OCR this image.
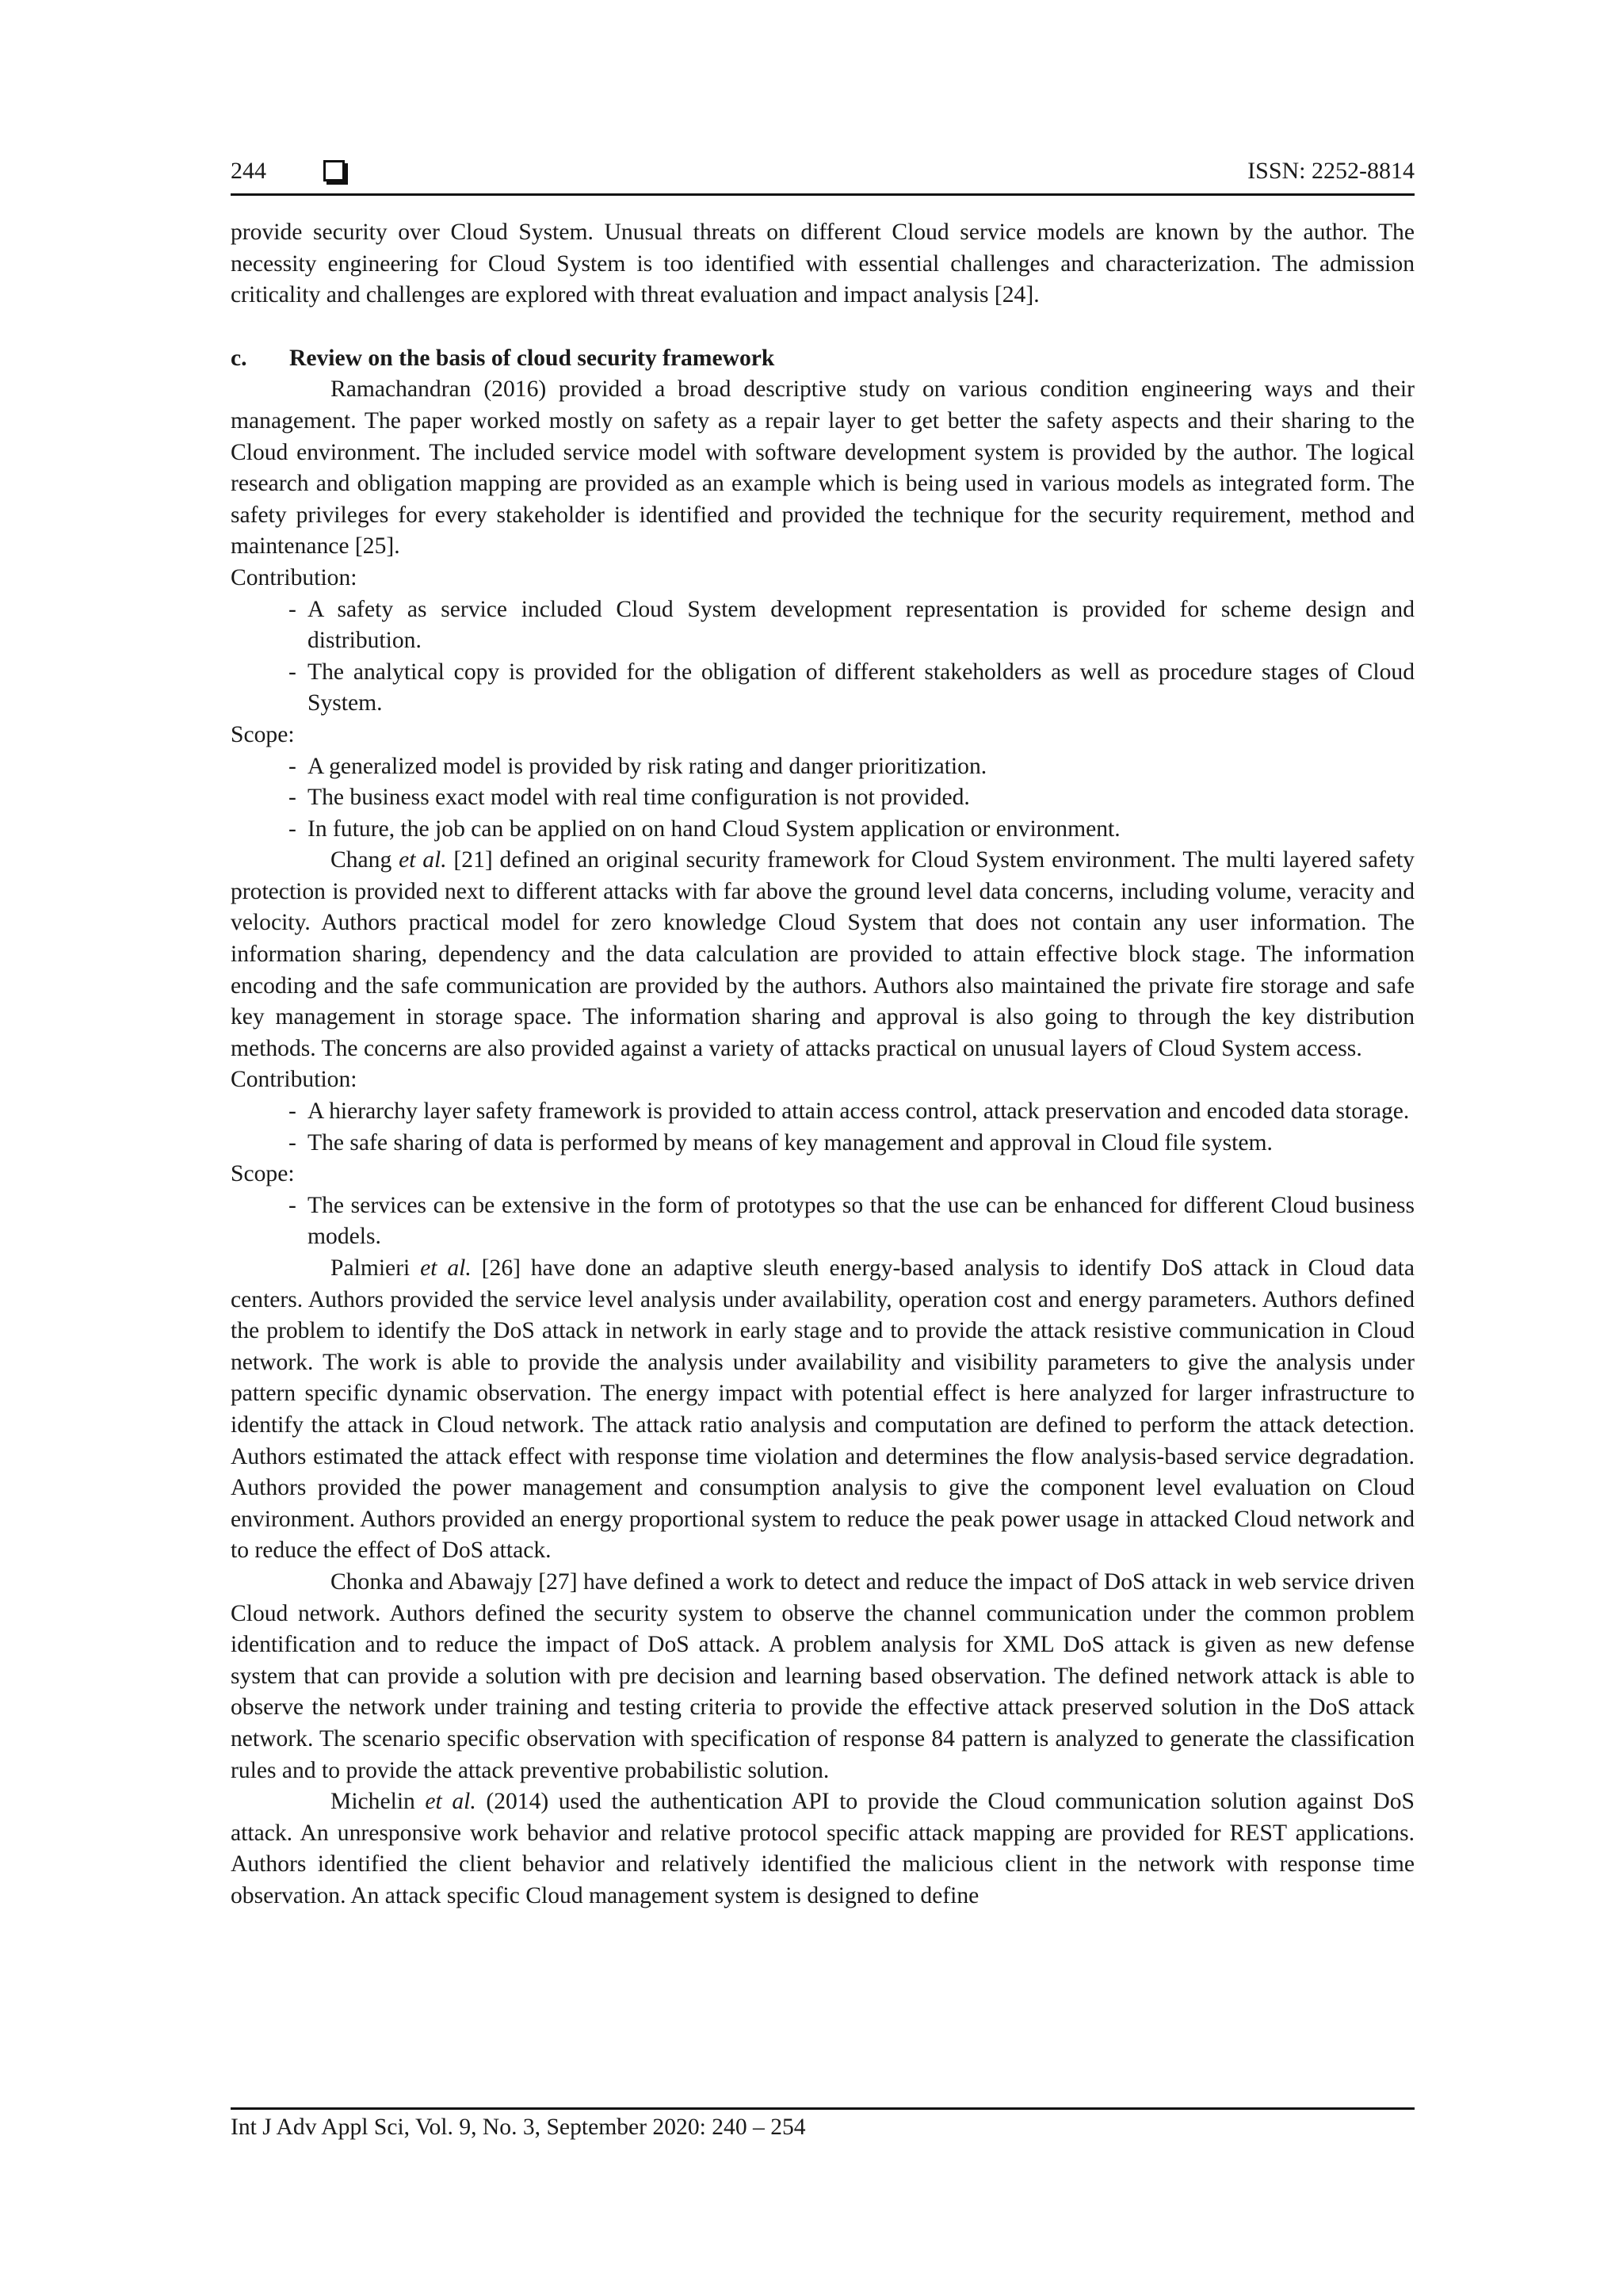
244	ISSN: 2252-8814

provide security over Cloud System. Unusual threats on different Cloud service models are known by the author. The necessity engineering for Cloud System is too identified with essential challenges and characterization. The admission criticality and challenges are explored with threat evaluation and impact analysis [24].

c. Review on the basis of cloud security framework

Ramachandran (2016) provided a broad descriptive study on various condition engineering ways and their management. The paper worked mostly on safety as a repair layer to get better the safety aspects and their sharing to the Cloud environment. The included service model with software development system is provided by the author. The logical research and obligation mapping are provided as an example which is being used in various models as integrated form. The safety privileges for every stakeholder is identified and provided the technique for the security requirement, method and maintenance [25].

Contribution:

- A safety as service included Cloud System development representation is provided for scheme design and distribution.
- The analytical copy is provided for the obligation of different stakeholders as well as procedure stages of Cloud System.

Scope:

- A generalized model is provided by risk rating and danger prioritization.
- The business exact model with real time configuration is not provided.
- In future, the job can be applied on on hand Cloud System application or environment.

Chang et al. [21] defined an original security framework for Cloud System environment. The multi layered safety protection is provided next to different attacks with far above the ground level data concerns, including volume, veracity and velocity. Authors practical model for zero knowledge Cloud System that does not contain any user information. The information sharing, dependency and the data calculation are provided to attain effective block stage. The information encoding and the safe communication are provided by the authors. Authors also maintained the private fire storage and safe key management in storage space. The information sharing and approval is also going to through the key distribution methods. The concerns are also provided against a variety of attacks practical on unusual layers of Cloud System access.

Contribution:

- A hierarchy layer safety framework is provided to attain access control, attack preservation and encoded data storage.
- The safe sharing of data is performed by means of key management and approval in Cloud file system.

Scope:

- The services can be extensive in the form of prototypes so that the use can be enhanced for different Cloud business models.

Palmieri et al. [26] have done an adaptive sleuth energy-based analysis to identify DoS attack in Cloud data centers. Authors provided the service level analysis under availability, operation cost and energy parameters. Authors defined the problem to identify the DoS attack in network in early stage and to provide the attack resistive communication in Cloud network. The work is able to provide the analysis under availability and visibility parameters to give the analysis under pattern specific dynamic observation. The energy impact with potential effect is here analyzed for larger infrastructure to identify the attack in Cloud network. The attack ratio analysis and computation are defined to perform the attack detection. Authors estimated the attack effect with response time violation and determines the flow analysis-based service degradation. Authors provided the power management and consumption analysis to give the component level evaluation on Cloud environment. Authors provided an energy proportional system to reduce the peak power usage in attacked Cloud network and to reduce the effect of DoS attack.

Chonka and Abawajy [27] have defined a work to detect and reduce the impact of DoS attack in web service driven Cloud network. Authors defined the security system to observe the channel communication under the common problem identification and to reduce the impact of DoS attack. A problem analysis for XML DoS attack is given as new defense system that can provide a solution with pre decision and learning based observation. The defined network attack is able to observe the network under training and testing criteria to provide the effective attack preserved solution in the DoS attack network. The scenario specific observation with specification of response 84 pattern is analyzed to generate the classification rules and to provide the attack preventive probabilistic solution.

Michelin et al. (2014) used the authentication API to provide the Cloud communication solution against DoS attack. An unresponsive work behavior and relative protocol specific attack mapping are provided for REST applications. Authors identified the client behavior and relatively identified the malicious client in the network with response time observation. An attack specific Cloud management system is designed to define

Int J Adv Appl Sci, Vol. 9, No. 3, September 2020: 240 – 254
